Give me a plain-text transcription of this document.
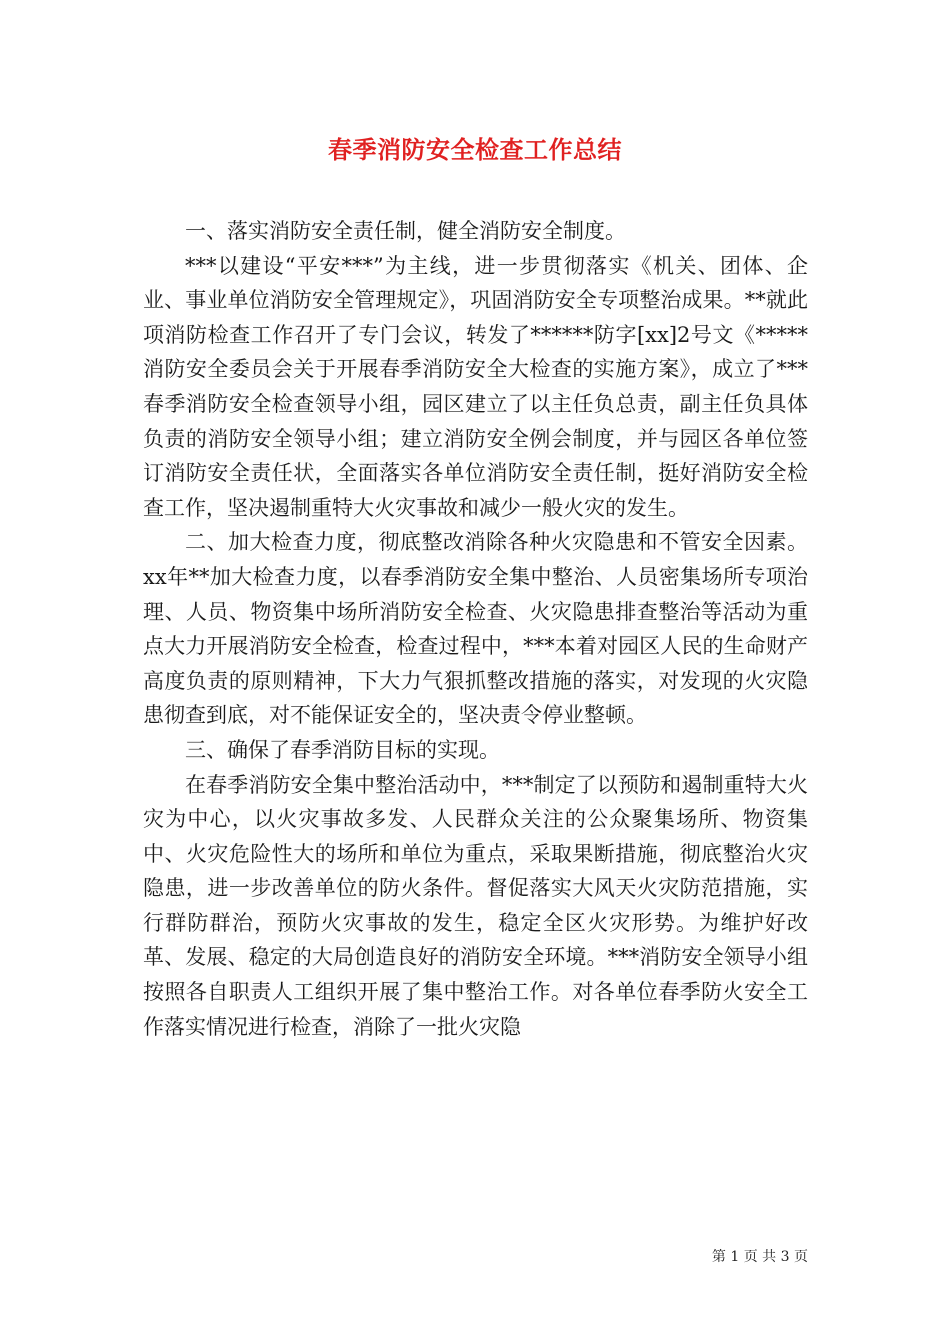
春季消防安全检查工作总结

一、落实消防安全责任制，健全消防安全制度。

***以建设“平安***”为主线，进一步贯彻落实《机关、团体、企业、事业单位消防安全管理规定》，巩固消防安全专项整治成果。**就此项消防检查工作召开了专门会议，转发了******防字[xx]2号文《*****消防安全委员会关于开展春季消防安全大检查的实施方案》，成立了***春季消防安全检查领导小组，园区建立了以主任负总责，副主任负具体负责的消防安全领导小组；建立消防安全例会制度，并与园区各单位签订消防安全责任状，全面落实各单位消防安全责任制，挺好消防安全检查工作，坚决遏制重特大火灾事故和减少一般火灾的发生。

二、加大检查力度，彻底整改消除各种火灾隐患和不管安全因素。xx年**加大检查力度，以春季消防安全集中整治、人员密集场所专项治理、人员、物资集中场所消防安全检查、火灾隐患排查整治等活动为重点大力开展消防安全检查，检查过程中，***本着对园区人民的生命财产高度负责的原则精神，下大力气狠抓整改措施的落实，对发现的火灾隐患彻查到底，对不能保证安全的，坚决责令停业整顿。

三、确保了春季消防目标的实现。

在春季消防安全集中整治活动中，***制定了以预防和遏制重特大火灾为中心，以火灾事故多发、人民群众关注的公众聚集场所、物资集中、火灾危险性大的场所和单位为重点，采取果断措施，彻底整治火灾隐患，进一步改善单位的防火条件。督促落实大风天火灾防范措施，实行群防群治，预防火灾事故的发生，稳定全区火灾形势。为维护好改革、发展、稳定的大局创造良好的消防安全环境。***消防安全领导小组按照各自职责人工组织开展了集中整治工作。对各单位春季防火安全工作落实情况进行检查，消除了一批火灾隐

第 1 页 共 3 页
